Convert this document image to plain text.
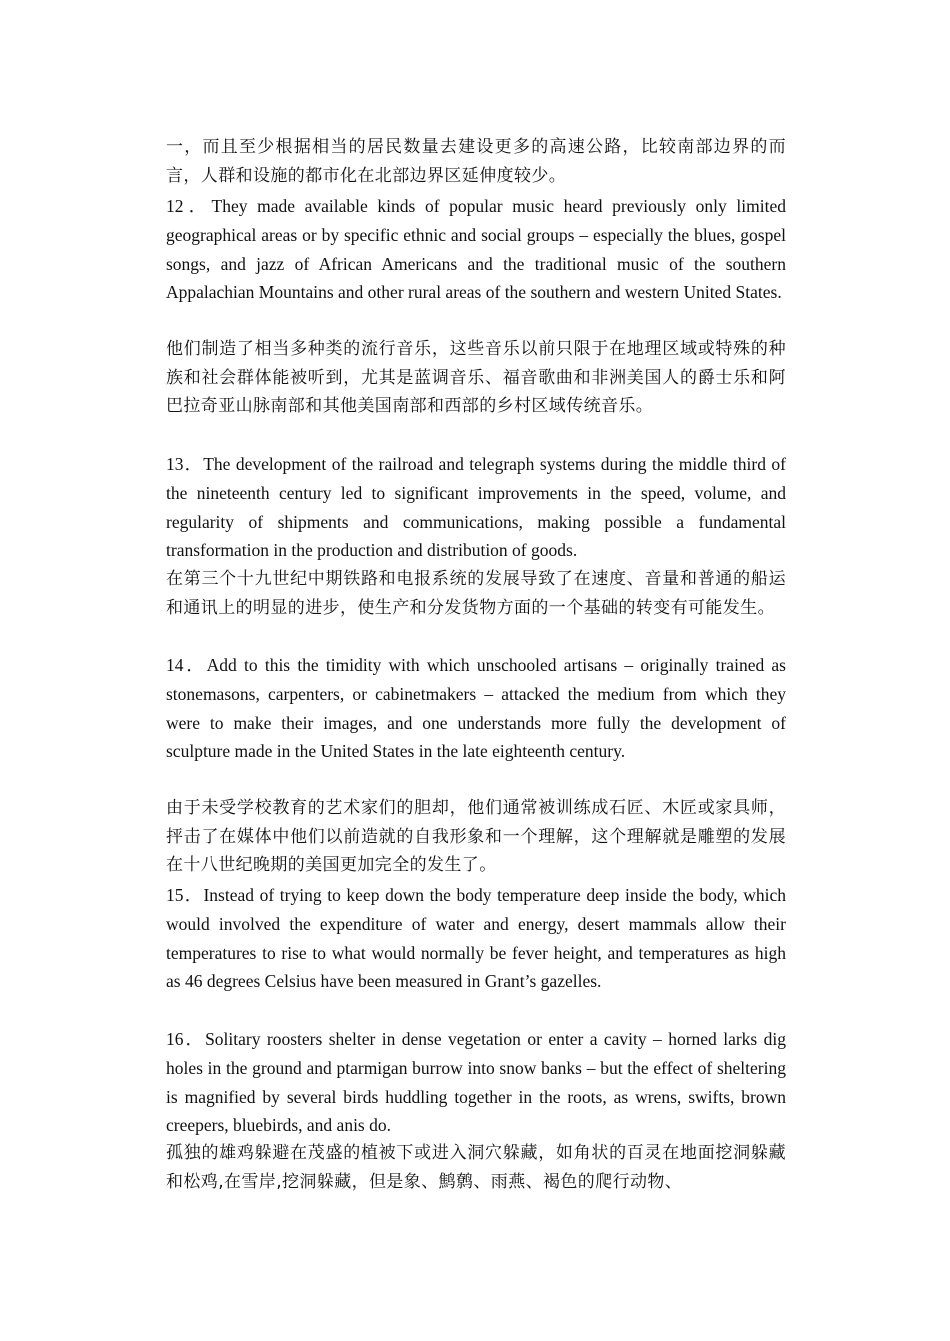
一，而且至少根据相当的居民数量去建设更多的高速公路，比较南部边界的而言，人群和设施的都市化在北部边界区延伸度较少。
12．They made available kinds of popular music heard previously only limited geographical areas or by specific ethnic and social groups – especially the blues, gospel songs, and jazz of African Americans and the traditional music of the southern Appalachian Mountains and other rural areas of the southern and western United States.
他们制造了相当多种类的流行音乐，这些音乐以前只限于在地理区域或特殊的种族和社会群体能被听到，尤其是蓝调音乐、福音歌曲和非洲美国人的爵士乐和阿巴拉奇亚山脉南部和其他美国南部和西部的乡村区域传统音乐。
13．The development of the railroad and telegraph systems during the middle third of the nineteenth century led to significant improvements in the speed, volume, and regularity of shipments and communications, making possible a fundamental transformation in the production and distribution of goods.
在第三个十九世纪中期铁路和电报系统的发展导致了在速度、音量和普通的船运和通讯上的明显的进步，使生产和分发货物方面的一个基础的转变有可能发生。
14．Add to this the timidity with which unschooled artisans – originally trained as stonemasons, carpenters, or cabinetmakers – attacked the medium from which they were to make their images, and one understands more fully the development of sculpture made in the United States in the late eighteenth century.
由于未受学校教育的艺术家们的胆却，他们通常被训练成石匠、木匠或家具师， 抨击了在媒体中他们以前造就的自我形象和一个理解，这个理解就是雕塑的发展在十八世纪晚期的美国更加完全的发生了。
15．Instead of trying to keep down the body temperature deep inside the body, which would involved the expenditure of water and energy, desert mammals allow their temperatures to rise to what would normally be fever height, and temperatures as high as 46 degrees Celsius have been measured in Grant’s gazelles.
16．Solitary roosters shelter in dense vegetation or enter a cavity – horned larks dig holes in the ground and ptarmigan burrow into snow banks – but the effect of sheltering is magnified by several birds huddling together in the roots, as wrens, swifts, brown creepers, bluebirds, and anis do.
孤独的雄鸡躲避在茂盛的植被下或进入洞穴躲藏，如角状的百灵在地面挖洞躲藏和松鸡,在雪岸,挖洞躲藏，但是象、鹪鹩、雨燕、褐色的爬行动物、
